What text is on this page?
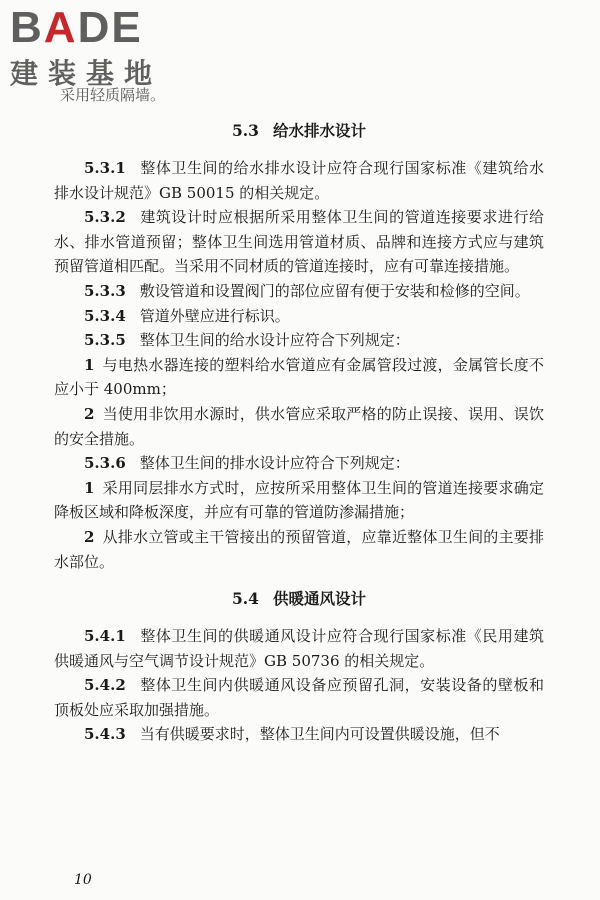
BADE
建装基地
采用轻质隔墙。
5.3 给水排水设计

5.3.1 整体卫生间的给水排水设计应符合现行国家标准《建筑给水排水设计规范》GB 50015 的相关规定。

5.3.2 建筑设计时应根据所采用整体卫生间的管道连接要求进行给水、排水管道预留；整体卫生间选用管道材质、品牌和连接方式应与建筑预留管道相匹配。当采用不同材质的管道连接时，应有可靠连接措施。

5.3.3 敷设管道和设置阀门的部位应留有便于安装和检修的空间。

5.3.4 管道外壁应进行标识。

5.3.5 整体卫生间的给水设计应符合下列规定：

1 与电热水器连接的塑料给水管道应有金属管段过渡，金属管长度不应小于 400mm；

2 当使用非饮用水源时，供水管应采取严格的防止误接、误用、误饮的安全措施。

5.3.6 整体卫生间的排水设计应符合下列规定：

1 采用同层排水方式时，应按所采用整体卫生间的管道连接要求确定降板区域和降板深度，并应有可靠的管道防渗漏措施；

2 从排水立管或主干管接出的预留管道，应靠近整体卫生间的主要排水部位。

5.4 供暖通风设计

5.4.1 整体卫生间的供暖通风设计应符合现行国家标准《民用建筑供暖通风与空气调节设计规范》GB 50736 的相关规定。

5.4.2 整体卫生间内供暖通风设备应预留孔洞，安装设备的壁板和顶板处应采取加强措施。

5.4.3 当有供暖要求时，整体卫生间内可设置供暖设施，但不

10
